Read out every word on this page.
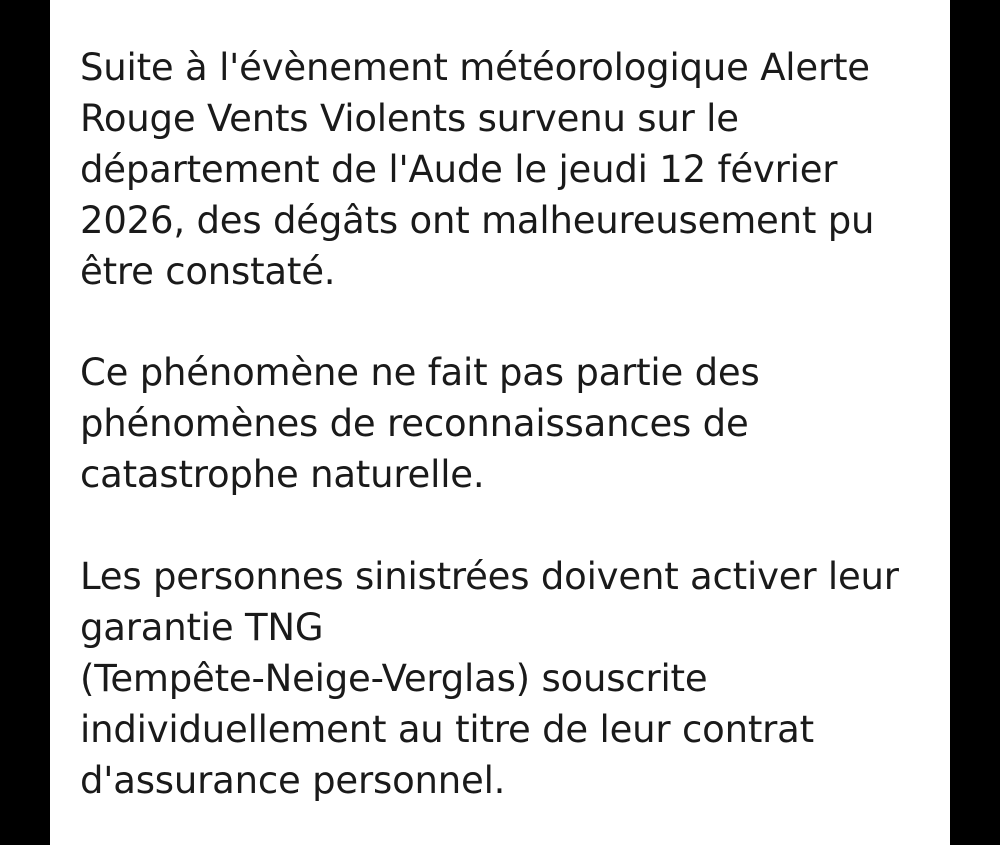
Suite à l'évènement météorologique Alerte
Rouge Vents Violents survenu sur le
département de l'Aude le jeudi 12 février
2026, des dégâts ont malheureusement pu
être constaté.
Ce phénomène ne fait pas partie des
phénomènes de reconnaissances de
catastrophe naturelle.
Les personnes sinistrées doivent activer leur
garantie TNG
(Tempête-Neige-Verglas) souscrite
individuellement au titre de leur contrat
d'assurance personnel.
